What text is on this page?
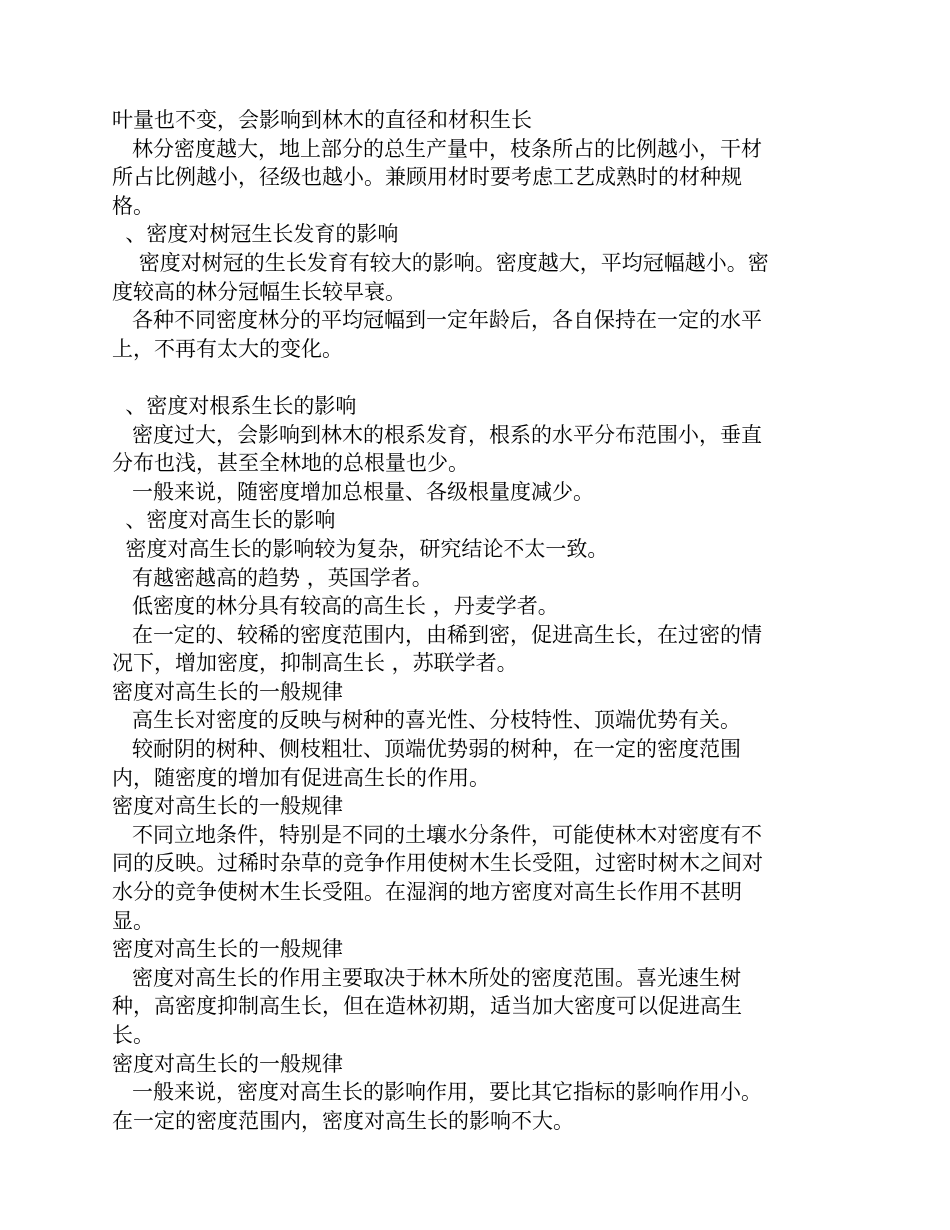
叶量也不变，会影响到林木的直径和材积生长
林分密度越大，地上部分的总生产量中，枝条所占的比例越小，干材
所占比例越小，径级也越小。兼顾用材时要考虑工艺成熟时的材种规
格。
、密度对树冠生长发育的影响
密度对树冠的生长发育有较大的影响。密度越大，平均冠幅越小。密
度较高的林分冠幅生长较早衰。
各种不同密度林分的平均冠幅到一定年龄后，各自保持在一定的水平
上，不再有太大的变化。
、密度对根系生长的影响
密度过大，会影响到林木的根系发育，根系的水平分布范围小，垂直
分布也浅，甚至全林地的总根量也少。
一般来说，随密度增加总根量、各级根量度减少。
、密度对高生长的影响
密度对高生长的影响较为复杂，研究结论不太一致。
有越密越高的趋势 ，英国学者。
低密度的林分具有较高的高生长 ，丹麦学者。
在一定的、较稀的密度范围内，由稀到密，促进高生长，在过密的情
况下，增加密度，抑制高生长 ，苏联学者。
密度对高生长的一般规律
高生长对密度的反映与树种的喜光性、分枝特性、顶端优势有关。
较耐阴的树种、侧枝粗壮、顶端优势弱的树种，在一定的密度范围
内，随密度的增加有促进高生长的作用。
密度对高生长的一般规律
不同立地条件，特别是不同的土壤水分条件，可能使林木对密度有不
同的反映。过稀时杂草的竞争作用使树木生长受阻，过密时树木之间对
水分的竞争使树木生长受阻。在湿润的地方密度对高生长作用不甚明
显。
密度对高生长的一般规律
密度对高生长的作用主要取决于林木所处的密度范围。喜光速生树
种，高密度抑制高生长，但在造林初期，适当加大密度可以促进高生
长。
密度对高生长的一般规律
一般来说，密度对高生长的影响作用，要比其它指标的影响作用小。
在一定的密度范围内，密度对高生长的影响不大。
